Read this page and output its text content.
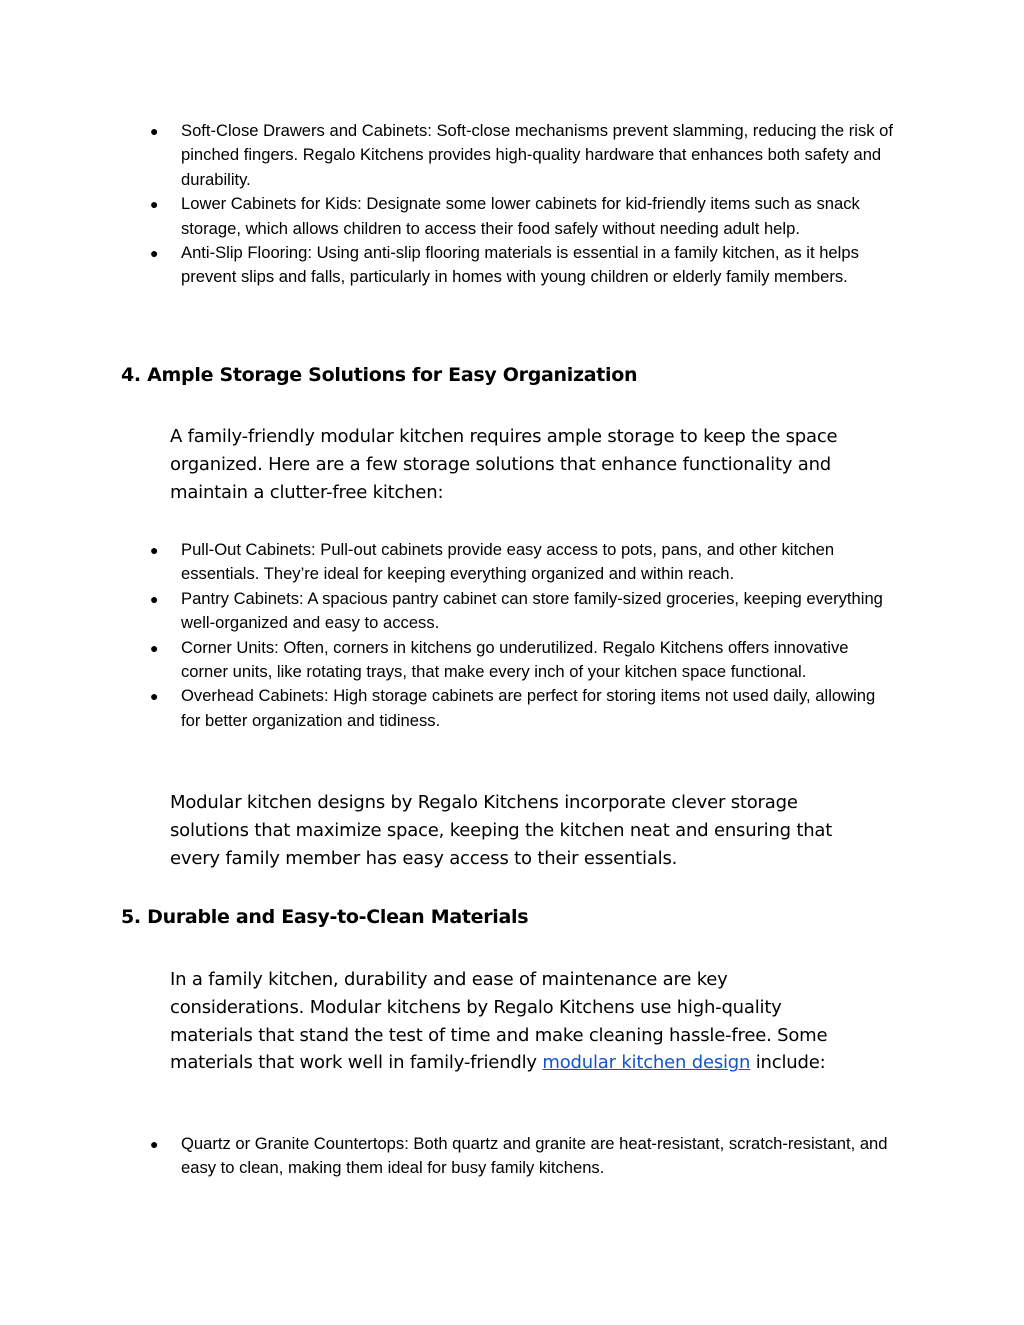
● Soft-Close Drawers and Cabinets: Soft-close mechanisms prevent slamming, reducing the risk of pinched fingers. Regalo Kitchens provides high-quality hardware that enhances both safety and durability.
● Lower Cabinets for Kids: Designate some lower cabinets for kid-friendly items such as snack storage, which allows children to access their food safely without needing adult help.
● Anti-Slip Flooring: Using anti-slip flooring materials is essential in a family kitchen, as it helps prevent slips and falls, particularly in homes with young children or elderly family members.
4. Ample Storage Solutions for Easy Organization

A family-friendly modular kitchen requires ample storage to keep the space organized. Here are a few storage solutions that enhance functionality and maintain a clutter-free kitchen:

● Pull-Out Cabinets: Pull-out cabinets provide easy access to pots, pans, and other kitchen essentials. They’re ideal for keeping everything organized and within reach.
● Pantry Cabinets: A spacious pantry cabinet can store family-sized groceries, keeping everything well-organized and easy to access.
● Corner Units: Often, corners in kitchens go underutilized. Regalo Kitchens offers innovative corner units, like rotating trays, that make every inch of your kitchen space functional.
● Overhead Cabinets: High storage cabinets are perfect for storing items not used daily, allowing for better organization and tidiness.

Modular kitchen designs by Regalo Kitchens incorporate clever storage solutions that maximize space, keeping the kitchen neat and ensuring that every family member has easy access to their essentials.

5. Durable and Easy-to-Clean Materials

In a family kitchen, durability and ease of maintenance are key considerations. Modular kitchens by Regalo Kitchens use high-quality materials that stand the test of time and make cleaning hassle-free. Some materials that work well in family-friendly modular kitchen design include:

● Quartz or Granite Countertops: Both quartz and granite are heat-resistant, scratch-resistant, and easy to clean, making them ideal for busy family kitchens.
